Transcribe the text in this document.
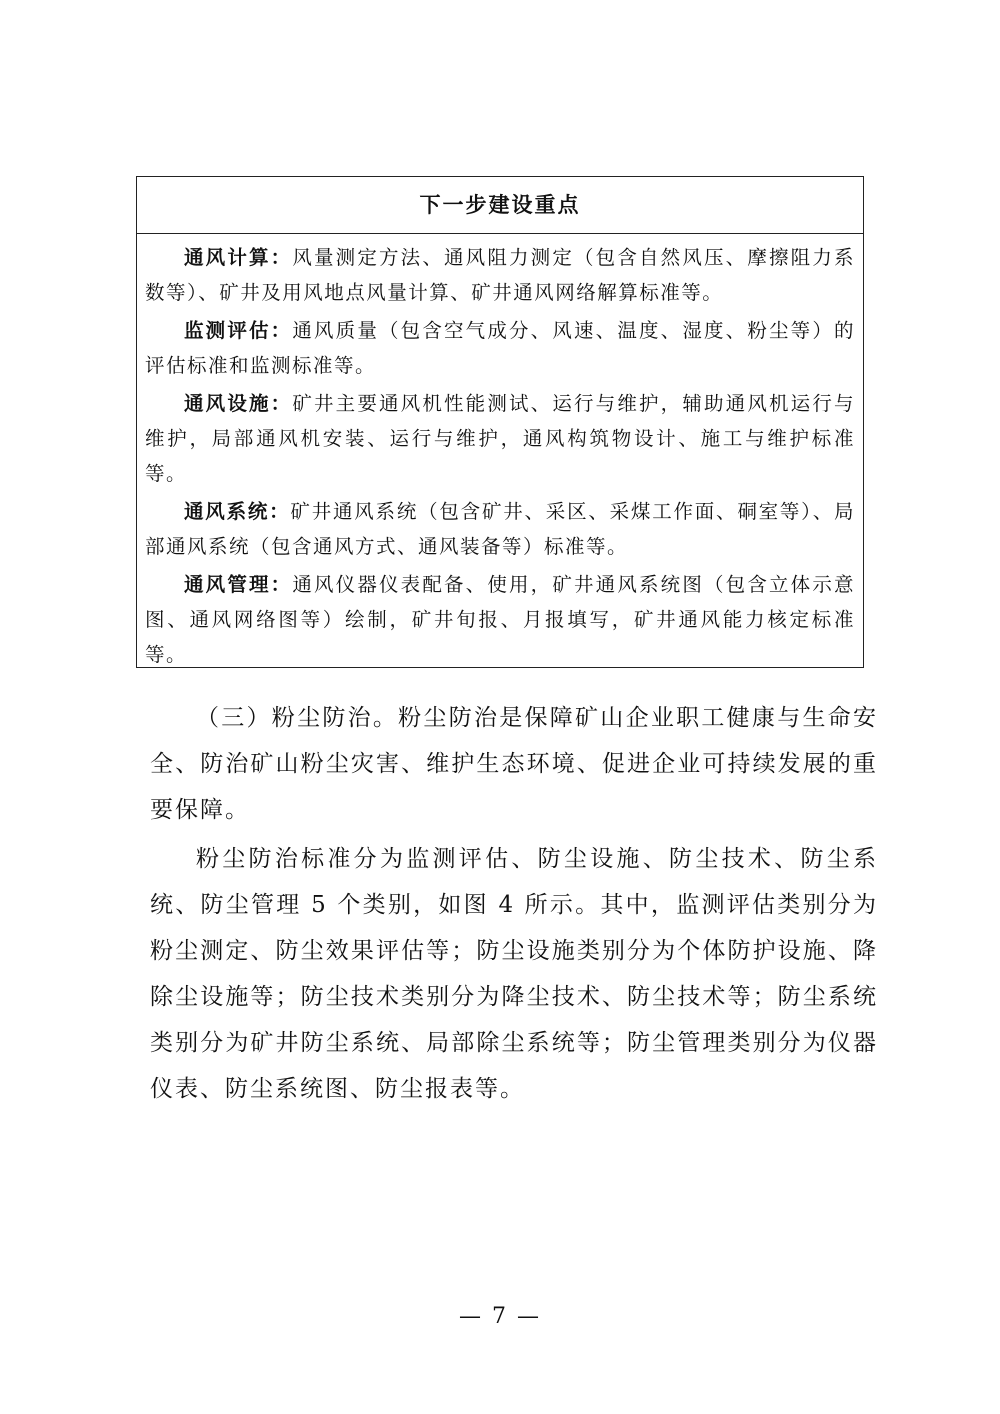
下一步建设重点

通风计算：风量测定方法、通风阻力测定（包含自然风压、摩擦阻力系数等）、矿井及用风地点风量计算、矿井通风网络解算标准等。

监测评估：通风质量（包含空气成分、风速、温度、湿度、粉尘等）的评估标准和监测标准等。

通风设施：矿井主要通风机性能测试、运行与维护，辅助通风机运行与维护，局部通风机安装、运行与维护，通风构筑物设计、施工与维护标准等。

通风系统：矿井通风系统（包含矿井、采区、采煤工作面、硐室等）、局部通风系统（包含通风方式、通风装备等）标准等。

通风管理：通风仪器仪表配备、使用，矿井通风系统图（包含立体示意图、通风网络图等）绘制，矿井旬报、月报填写，矿井通风能力核定标准等。

（三）粉尘防治。粉尘防治是保障矿山企业职工健康与生命安全、防治矿山粉尘灾害、维护生态环境、促进企业可持续发展的重要保障。

粉尘防治标准分为监测评估、防尘设施、防尘技术、防尘系统、防尘管理 5 个类别，如图 4 所示。其中，监测评估类别分为粉尘测定、防尘效果评估等；防尘设施类别分为个体防护设施、降除尘设施等；防尘技术类别分为降尘技术、防尘技术等；防尘系统类别分为矿井防尘系统、局部除尘系统等；防尘管理类别分为仪器仪表、防尘系统图、防尘报表等。

— 7 —
